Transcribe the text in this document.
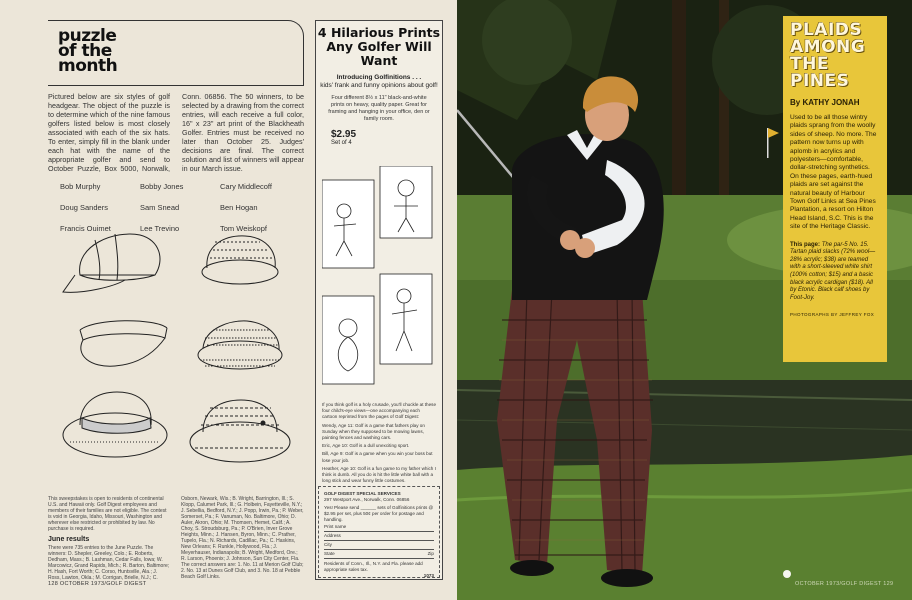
puzzle
of the
month
Pictured below are six styles of golf headgear. The object of the puzzle is to determine which of the nine famous golfers listed below is most closely associated with each of the six hats. To enter, simply fill in the blank under each hat with the name of the appropriate golfer and send to October Puzzle, Box 5000, Norwalk, Conn. 06856. The 50 winners, to be selected by a drawing from the correct entries, will each receive a full color, 16" x 23" art print of the Blackheath Golfer. Entries must be received no later than October 25. Judges' decisions are final. The correct solution and list of winners will appear in our March issue.
Bob Murphy	Bobby Jones	Cary Middlecoff
Doug Sanders	Sam Snead	Ben Hogan
Francis Ouimet	Lee Trevino	Tom Weiskopf

This sweepstakes is open to residents of continental U.S. and Hawaii only. Golf Digest employees and members of their families are not eligible. The contest is void in Georgia, Idaho, Missouri, Washington and wherever else restricted or prohibited by law. No purchase is required.

June results

There were 735 entries to the June Puzzle. The winners: D. Shepler, Greeley, Colo.; E. Roberts, Dedham, Mass.; B. Lashman, Cedar Falls, Iowa; W. Marcowicz, Grand Rapids, Mich.; R. Barton, Baltimore; H. Hash, Fort Worth; C. Corso, Huntsville, Ala.; J. Ross, Lawton, Okla.; M. Corrigan, Brielle, N.J.; C. Osborn, Newark, Wis.; B. Wright, Barrington, Ill.; S. Klopp, Calumet Park, Ill.; G. Holbein, Fayetteville, N.Y.; J. Sebellia, Bedford, N.Y.; J. Popp, Irwin, Pa.; P. Weber, Somerset, Pa.; F. Vanuman, No. Baltimore, Ohio; D. Auler, Akron, Ohio; M. Thomsen, Hemet, Calif.; A. Choy, S. Stroudsburg, Pa.; P. O'Brien, Inver Grove Heights, Minn.; J. Hansen, Byron, Minn.; C. Prather, Tupelo, Fla.; N. Richards, Cadillac, Pa.; C. Haskins, New Orleans; F. Runkle, Hollywood, Fla.; J. Meyerhauser, Indianapolis; B. Wright, Medford, Ore.; R. Larson, Phoenix; J. Johnson, Sun City Center, Fla.

The correct answers are: 1. No. 11 at Merion Golf Club; 2. No. 13 at Dunes Golf Club, and 3. No. 18 at Pebble Beach Golf Links.

128 OCTOBER 1973/GOLF DIGEST
4 Hilarious Prints Any Golfer Will Want
Introducing Golfinitions . . .
kids' frank and funny opinions about golf!
Four different 8½ x 11" black-and-white prints on heavy, quality paper. Great for framing and hanging in your office, den or family room.
$2.95
Set of 4

If you think golf is a holy crusade, you'll chuckle at these four child's-eye views—one accompanying each cartoon reprinted from the pages of Golf Digest:

Wendy, Age 11: Golf is a game that fathers play on Sunday when they supposed to be mowing lawns, painting fences and washing cars.

Eric, Age 10: Golf is a dull unexciting sport.

Bill, Age 9: Golf is a game when you win your boss but lose your job.

Heather, Age 10: Golf is a fun game to my father which I think is dumb. All you do is hit the little white ball with a long stick and wear funny little costumes.

GOLF DIGEST SPECIAL SERVICES
297 Westport Ave., Norwalk, Conn. 06856
Yes! Please send ______ sets of Golfinitions prints @ $2.95 per set, plus 50¢ per order for postage and handling.
Print name
Address
City
State	Zip
Residents of Conn., Ill., N.Y. and Fla. please add appropriate sales tax.
1073
PLAIDS
AMONG
THE
PINES
By KATHY JONAH
Used to be all those wintry plaids sprang from the woolly sides of sheep. No more. The pattern now turns up with aplomb in acrylics and polyesters—comfortable, dollar-stretching synthetics. On these pages, earth-hued plaids are set against the natural beauty of Harbour Town Golf Links at Sea Pines Plantation, a resort on Hilton Head Island, S.C. This is the site of the Heritage Classic.
This page: The par-5 No. 15. Tartan plaid slacks (72% wool—28% acrylic; $38) are teamed with a short-sleeved white shirt (100% cotton; $15) and a basic black acrylic cardigan ($18). All by Etonic. Black calf shoes by Foot-Joy.
PHOTOGRAPHS BY JEFFREY FOX
OCTOBER 1973/GOLF DIGEST 129
